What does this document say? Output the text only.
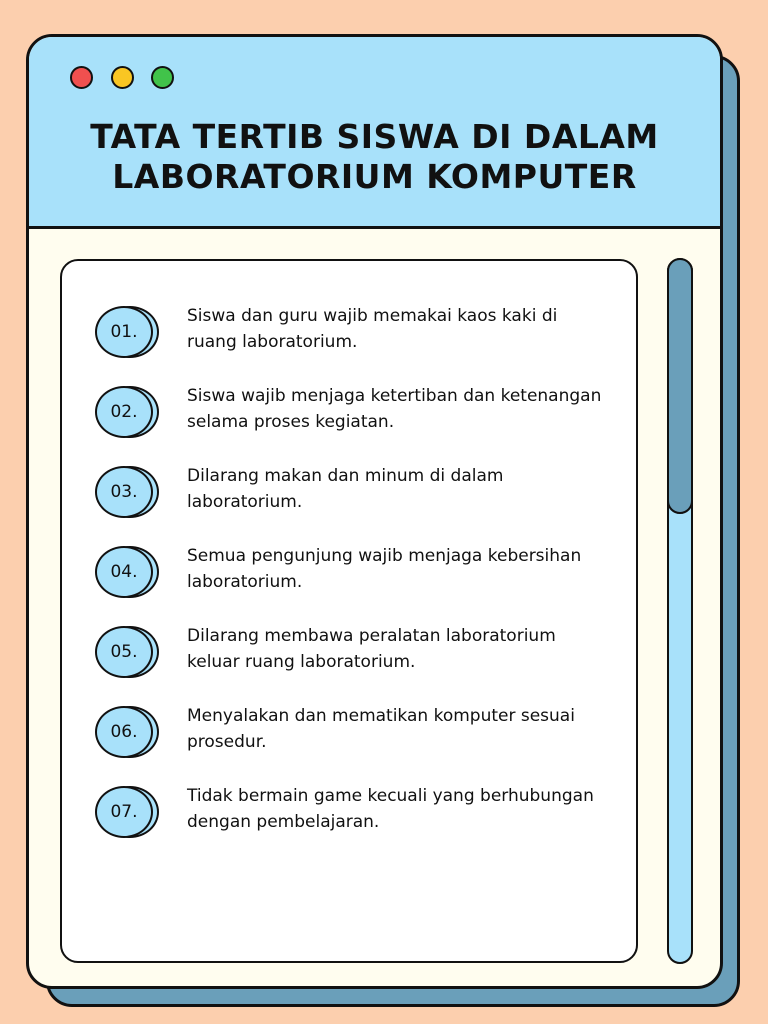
TATA TERTIB SISWA DI DALAM
LABORATORIUM KOMPUTER
01.
Siswa dan guru wajib memakai kaos kaki di ruang laboratorium.
02.
Siswa wajib menjaga ketertiban dan ketenangan selama proses kegiatan.
03.
Dilarang makan dan minum di dalam laboratorium.
04.
Semua pengunjung wajib menjaga kebersihan laboratorium.
05.
Dilarang membawa peralatan laboratorium keluar ruang laboratorium.
06.
Menyalakan dan mematikan komputer sesuai prosedur.
07.
Tidak bermain game kecuali yang berhubungan dengan pembelajaran.
